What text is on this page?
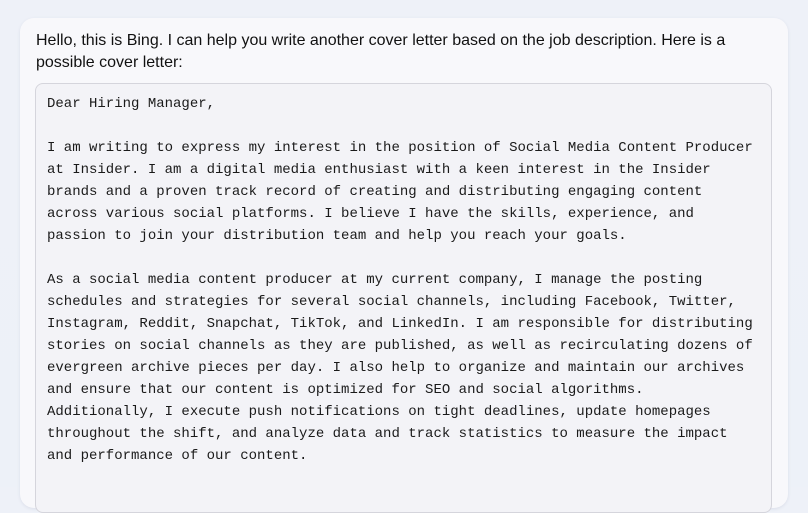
Hello, this is Bing. I can help you write another cover letter based on the job description. Here is a possible cover letter:

Dear Hiring Manager,

I am writing to express my interest in the position of Social Media Content Producer
at Insider. I am a digital media enthusiast with a keen interest in the Insider
brands and a proven track record of creating and distributing engaging content
across various social platforms. I believe I have the skills, experience, and
passion to join your distribution team and help you reach your goals.

As a social media content producer at my current company, I manage the posting
schedules and strategies for several social channels, including Facebook, Twitter,
Instagram, Reddit, Snapchat, TikTok, and LinkedIn. I am responsible for distributing
stories on social channels as they are published, as well as recirculating dozens of
evergreen archive pieces per day. I also help to organize and maintain our archives
and ensure that our content is optimized for SEO and social algorithms.
Additionally, I execute push notifications on tight deadlines, update homepages
throughout the shift, and analyze data and track statistics to measure the impact
and performance of our content.
